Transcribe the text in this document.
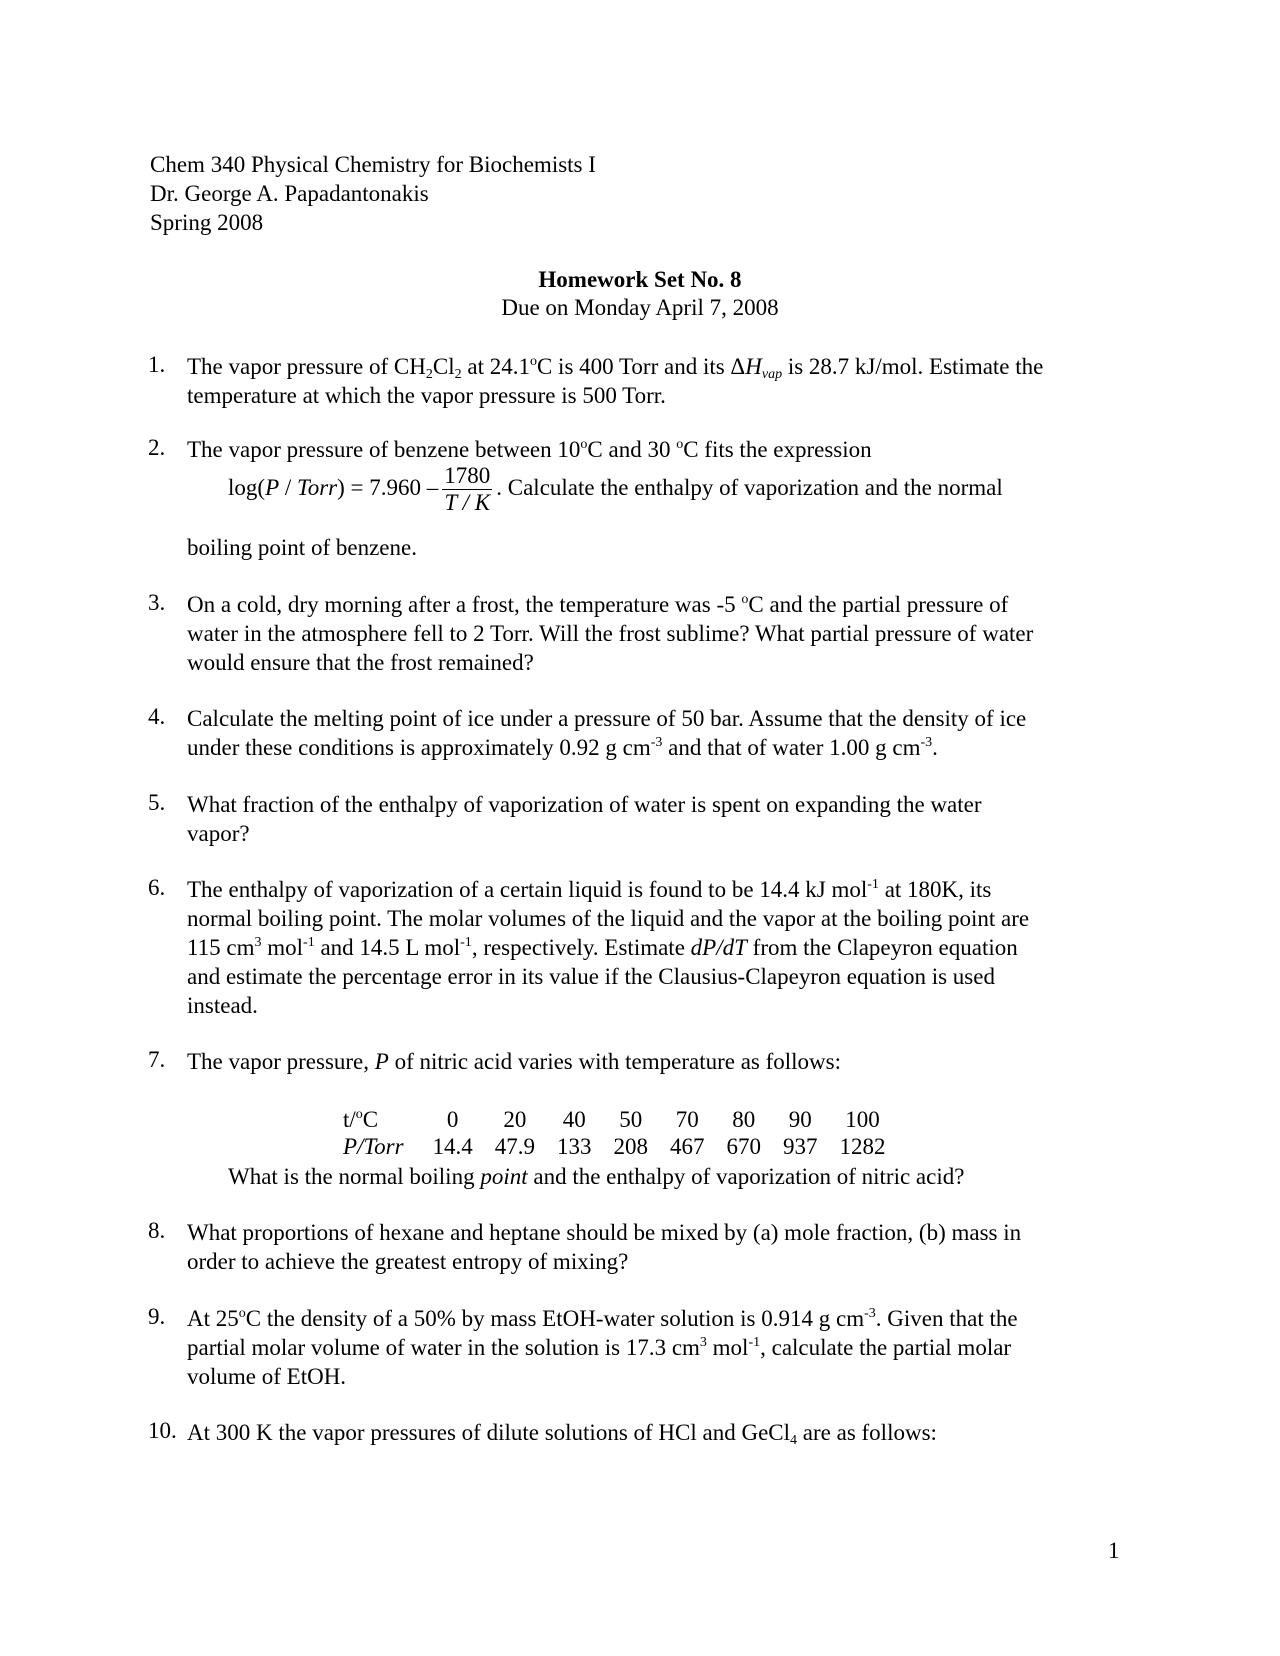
Chem 340 Physical Chemistry for Biochemists I
Dr. George A. Papadantonakis
Spring 2008
Homework Set No. 8
Due on Monday April 7, 2008
1. The vapor pressure of $CH_2Cl_2$ at 24.1$^o$C is 400 Torr and its $\Delta H_{vap}$ is 28.7 kJ/mol. Estimate the
temperature at which the vapor pressure is 500 Torr.
2. The vapor pressure of benzene between 10$^o$C and 30 $^o$C fits the expression
log(P / Torr) = $7.960 - \frac{1780}{T / K}$ . Calculate the enthalpy of vaporization and the normal
boiling point of benzene.
3. On a cold, dry morning after a frost, the temperature was -5 $^o$C and the partial pressure of
water in the atmosphere fell to 2 Torr. Will the frost sublime? What partial pressure of water
would ensure that the frost remained?
4. Calculate the melting point of ice under a pressure of 50 bar. Assume that the density of ice
under these conditions is approximately 0.92 g $cm^{-3}$ and that of water 1.00 g $cm^{-3}$.
5. What fraction of the enthalpy of vaporization of water is spent on expanding the water
vapor?
6. The enthalpy of vaporization of a certain liquid is found to be 14.4 kJ mol$^{-1}$ at 180K, its
normal boiling point. The molar volumes of the liquid and the vapor at the boiling point are
115 $cm^3$ mol$^{-1}$ and 14.5 L mol$^{-1}$, respectively. Estimate dP/dT from the Clapeyron equation
and estimate the percentage error in its value if the Clausius-Clapeyron equation is used
instead.
7. The vapor pressure, P of nitric acid varies with temperature as follows:
t/$^o$C	0	20	40	50	70	80	90	100
P/Torr	14.4	47.9	133	208	467	670	937	1282
What is the normal boiling point and the enthalpy of vaporization of nitric acid?
8. What proportions of hexane and heptane should be mixed by (a) mole fraction, (b) mass in
order to achieve the greatest entropy of mixing?
9. At 25$^o$C the density of a 50% by mass EtOH-water solution is 0.914 g $cm^{-3}$. Given that the
partial molar volume of water in the solution is 17.3 $cm^3$ mol$^{-1}$, calculate the partial molar
volume of EtOH.
10. At 300 K the vapor pressures of dilute solutions of HCl and GeCl$_4$ are as follows:
1
